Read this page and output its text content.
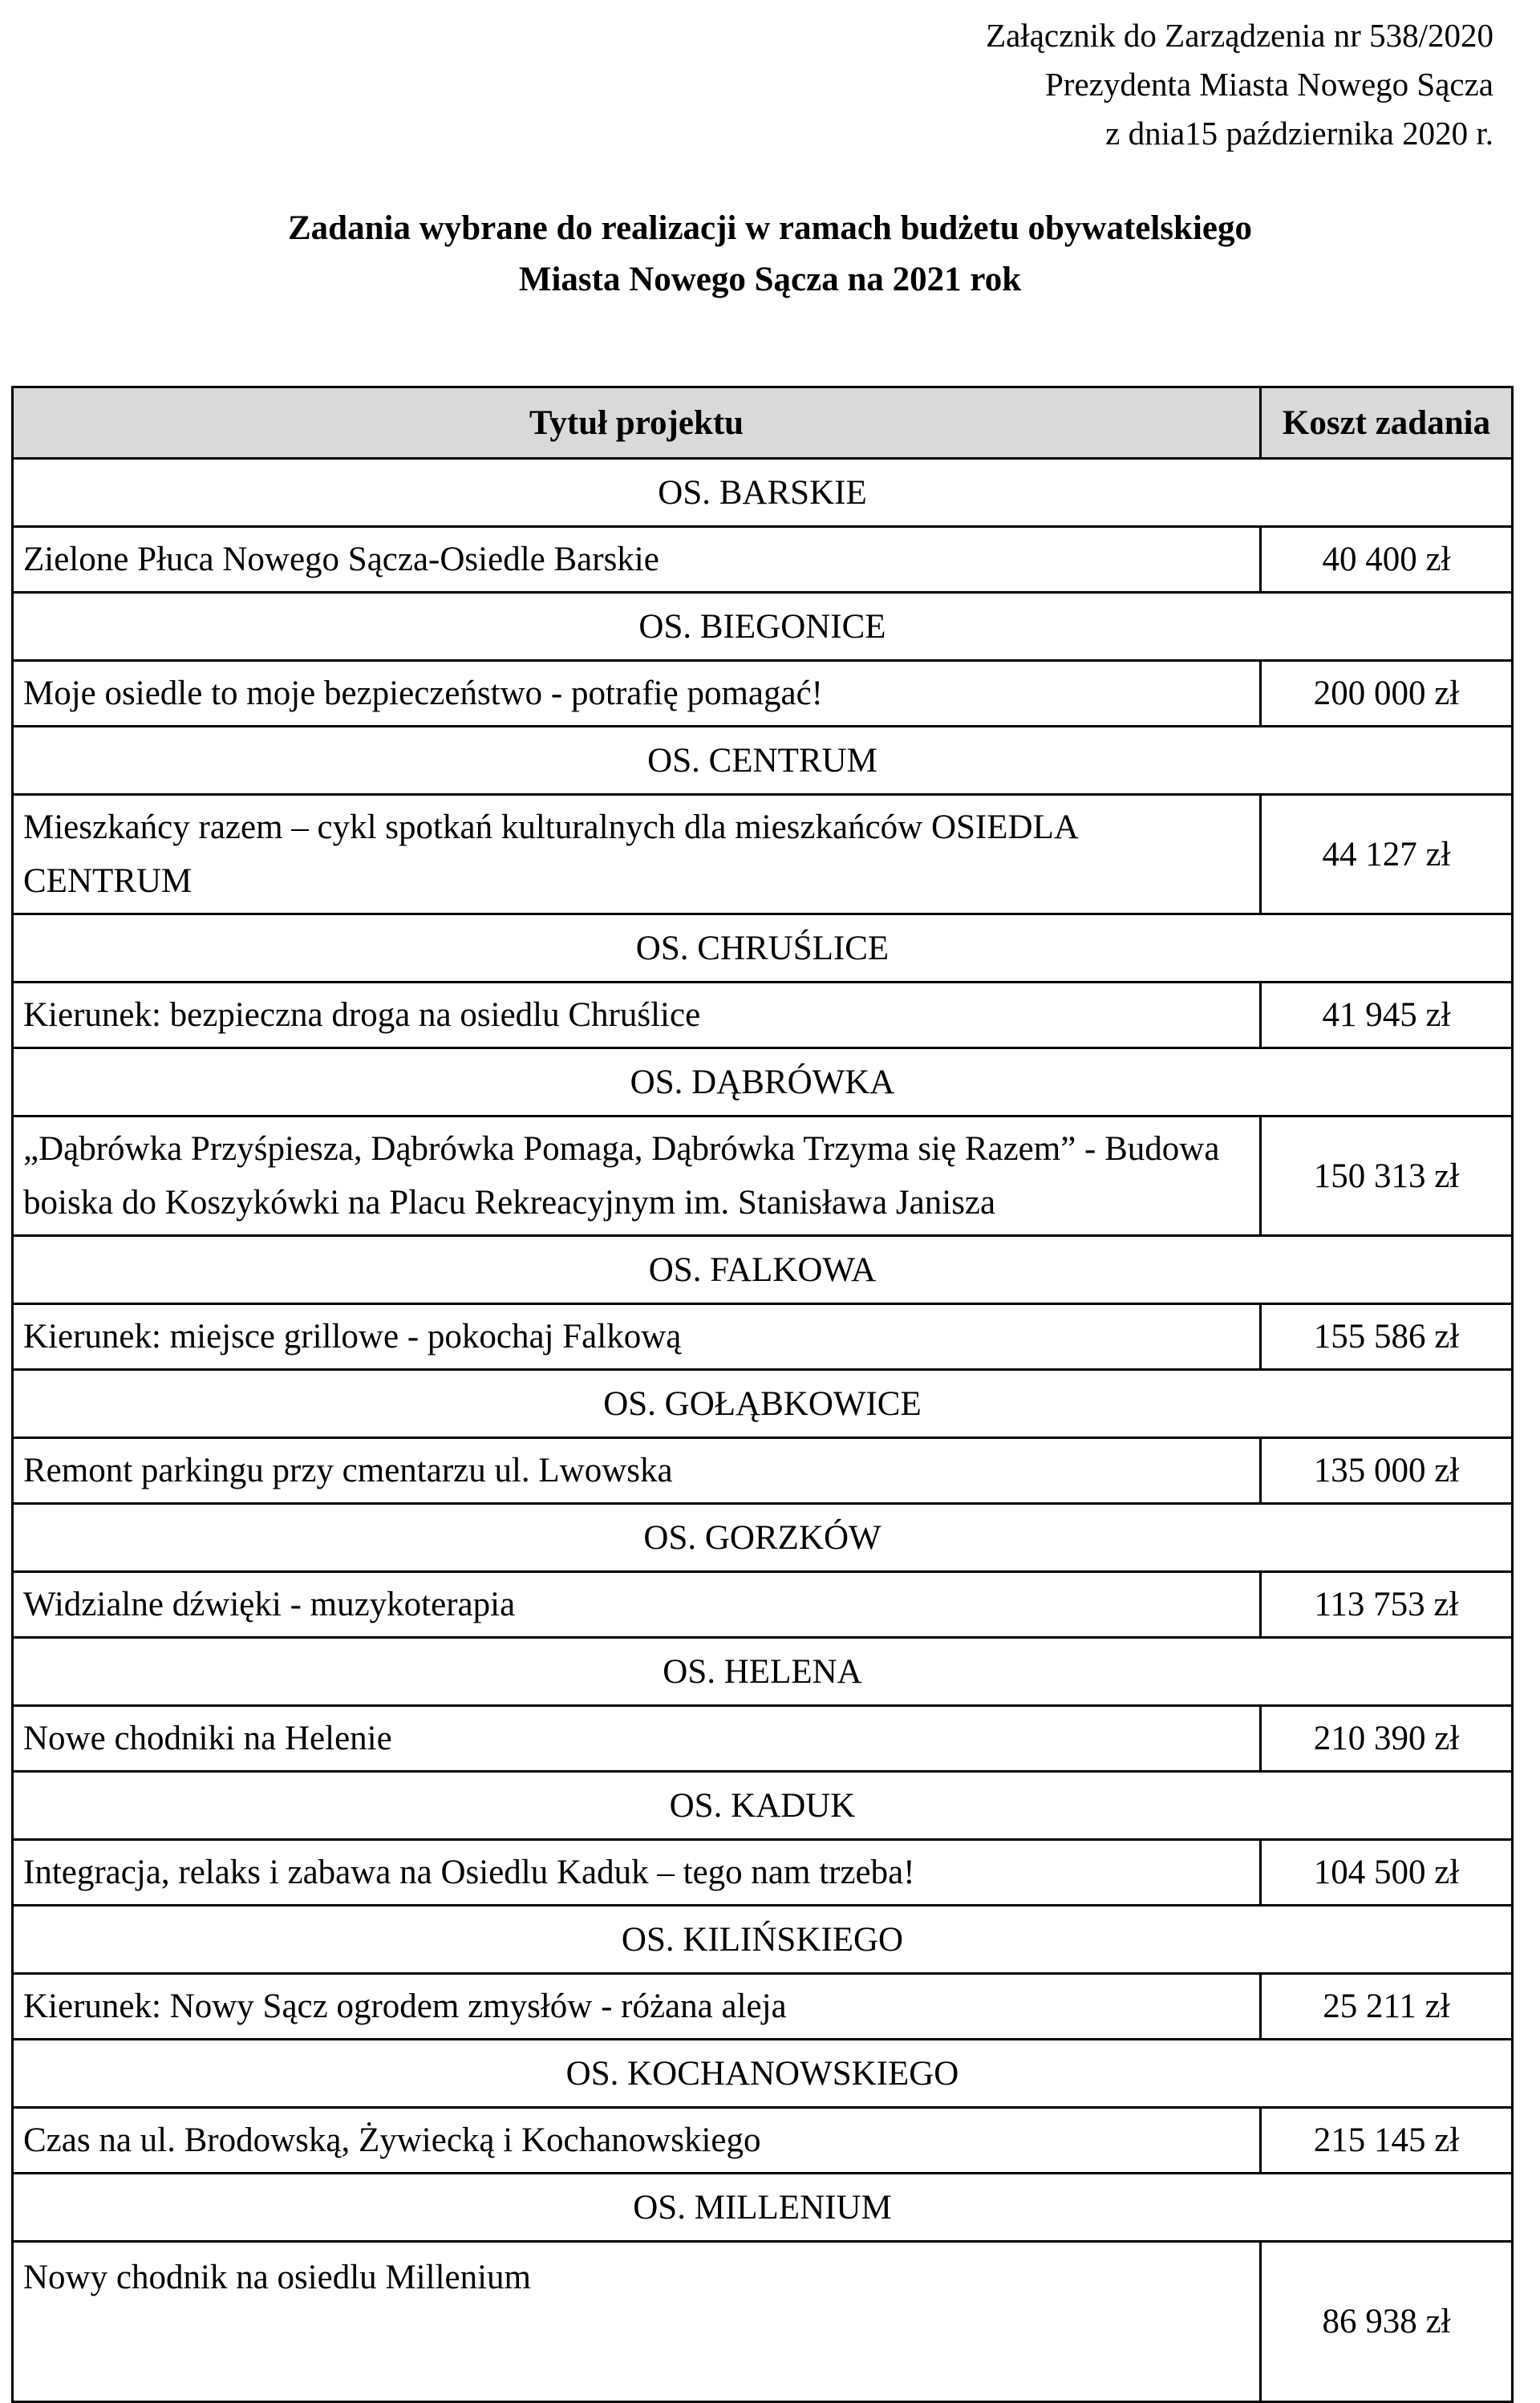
Załącznik do Zarządzenia nr 538/2020
Prezydenta Miasta Nowego Sącza
z dnia15 października 2020 r.
Zadania wybrane do realizacji w ramach budżetu obywatelskiego
Miasta Nowego Sącza na 2021 rok
Tytuł projektu	Koszt zadania
OS. BARSKIE	
Zielone Płuca Nowego Sącza-Osiedle Barskie	40 400 zł
OS. BIEGONICE	
Moje osiedle to moje bezpieczeństwo - potrafię pomagać!	200 000 zł
OS. CENTRUM	
Mieszkańcy razem – cykl spotkań kulturalnych dla mieszkańców OSIEDLA CENTRUM	44 127 zł
OS. CHRUŚLICE	
Kierunek: bezpieczna droga na osiedlu Chruślice	41 945 zł
OS. DĄBRÓWKA	
„Dąbrówka Przyśpiesza, Dąbrówka Pomaga, Dąbrówka Trzyma się Razem” - Budowa boiska do Koszykówki na Placu Rekreacyjnym im. Stanisława Janisza	150 313 zł
OS. FALKOWA	
Kierunek: miejsce grillowe - pokochaj Falkową	155 586 zł
OS. GOŁĄBKOWICE	
Remont parkingu przy cmentarzu ul. Lwowska	135 000 zł
OS. GORZKÓW	
Widzialne dźwięki - muzykoterapia	113 753 zł
OS. HELENA	
Nowe chodniki na Helenie	210 390 zł
OS. KADUK	
Integracja, relaks i zabawa na Osiedlu Kaduk – tego nam trzeba!	104 500 zł
OS. KILIŃSKIEGO	
Kierunek: Nowy Sącz ogrodem zmysłów - różana aleja	25 211 zł
OS. KOCHANOWSKIEGO	
Czas na ul. Brodowską, Żywiecką i Kochanowskiego	215 145 zł
OS. MILLENIUM	
Nowy chodnik na osiedlu Millenium	86 938 zł
